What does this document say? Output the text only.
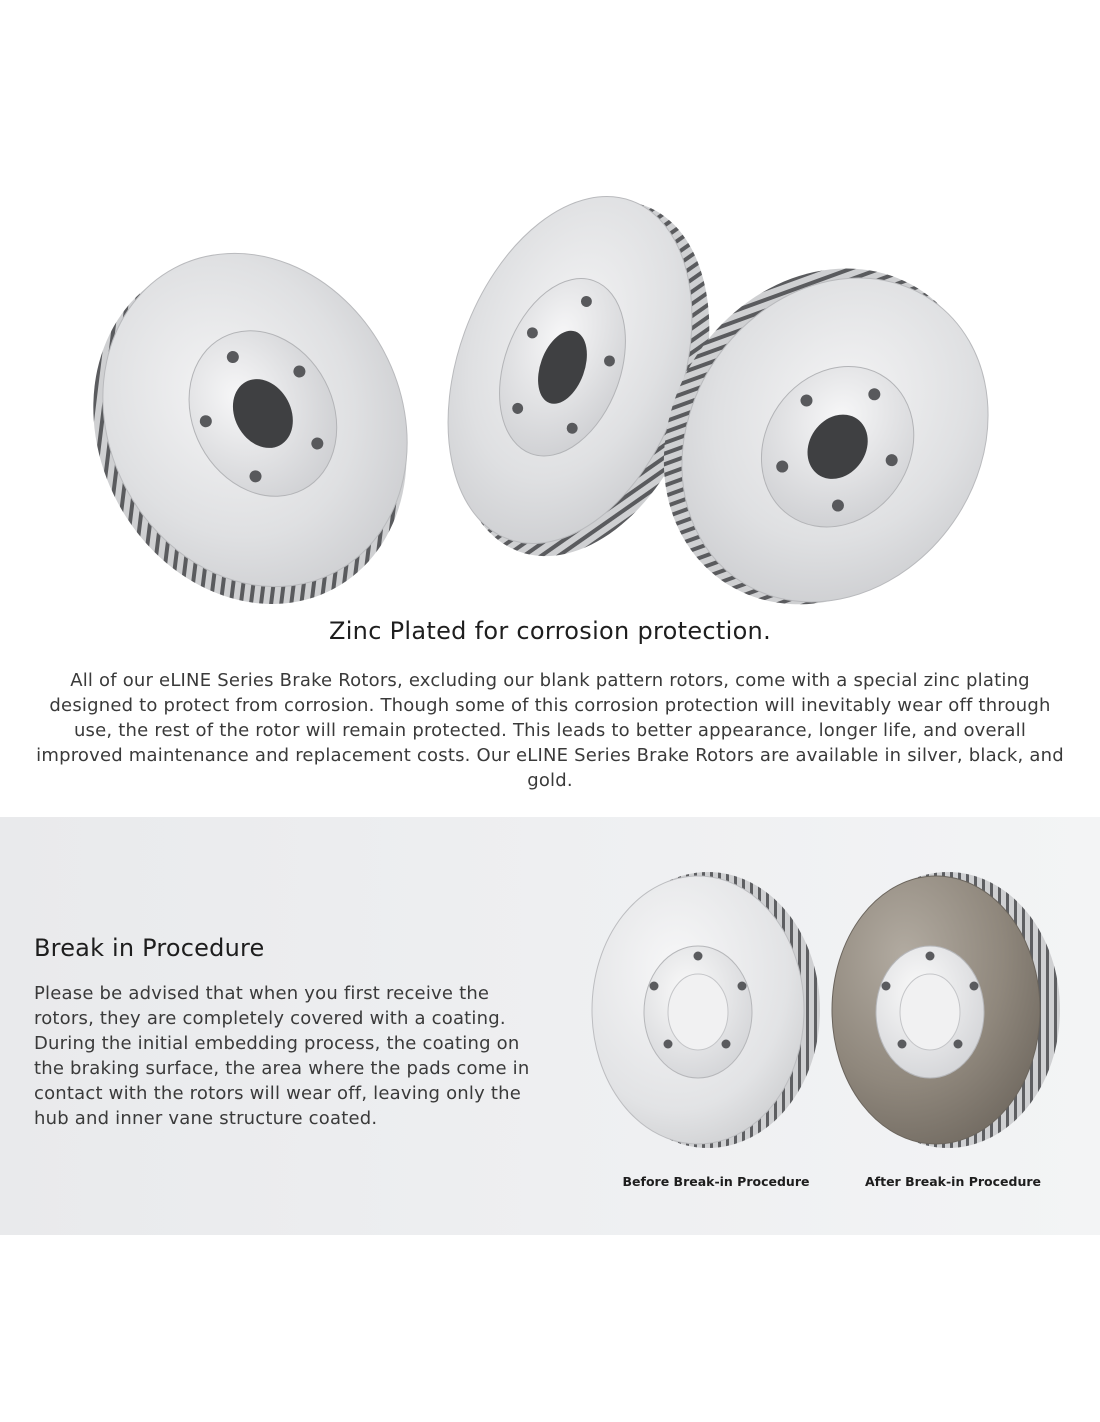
Zinc Plated for corrosion protection.
All of our eLINE Series Brake Rotors, excluding our blank pattern rotors, come with a special zinc plating designed to protect from corrosion. Though some of this corrosion protection will inevitably wear off through use, the rest of the rotor will remain protected. This leads to better appearance, longer life, and overall improved maintenance and replacement costs. Our eLINE Series Brake Rotors are available in silver, black, and gold.
Break in Procedure
Please be advised that when you first receive the rotors, they are completely covered with a coating. During the initial embedding process, the coating on the braking surface, the area where the pads come in contact with the rotors will wear off, leaving only the hub and inner vane structure coated.
Before Break-in Procedure	After Break-in Procedure
